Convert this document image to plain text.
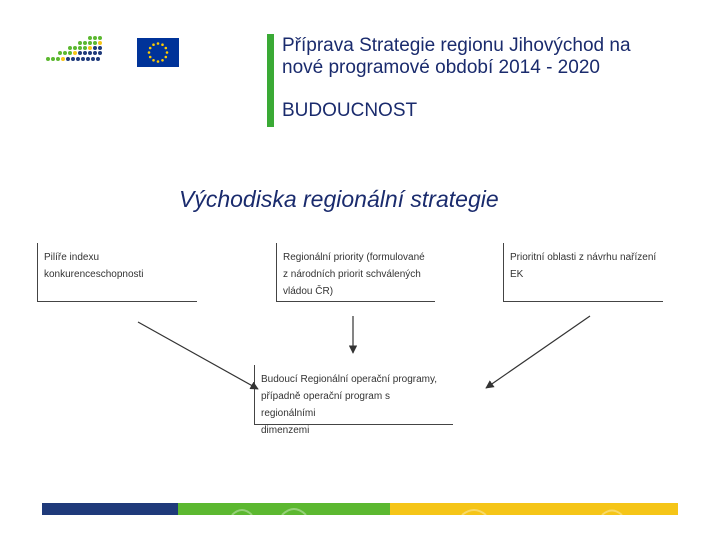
Příprava Strategie regionu Jihovýchod na
nové programové období 2014 - 2020
BUDOUCNOST
Východiska regionální strategie
Pilíře indexu
konkurenceschopnosti
Regionální priority (formulované
z národních priorit schválených
vládou ČR)
Prioritní oblasti z návrhu nařízení
EK
Budoucí Regionální operační programy,
případně operační program s regionálními
dimenzemi
